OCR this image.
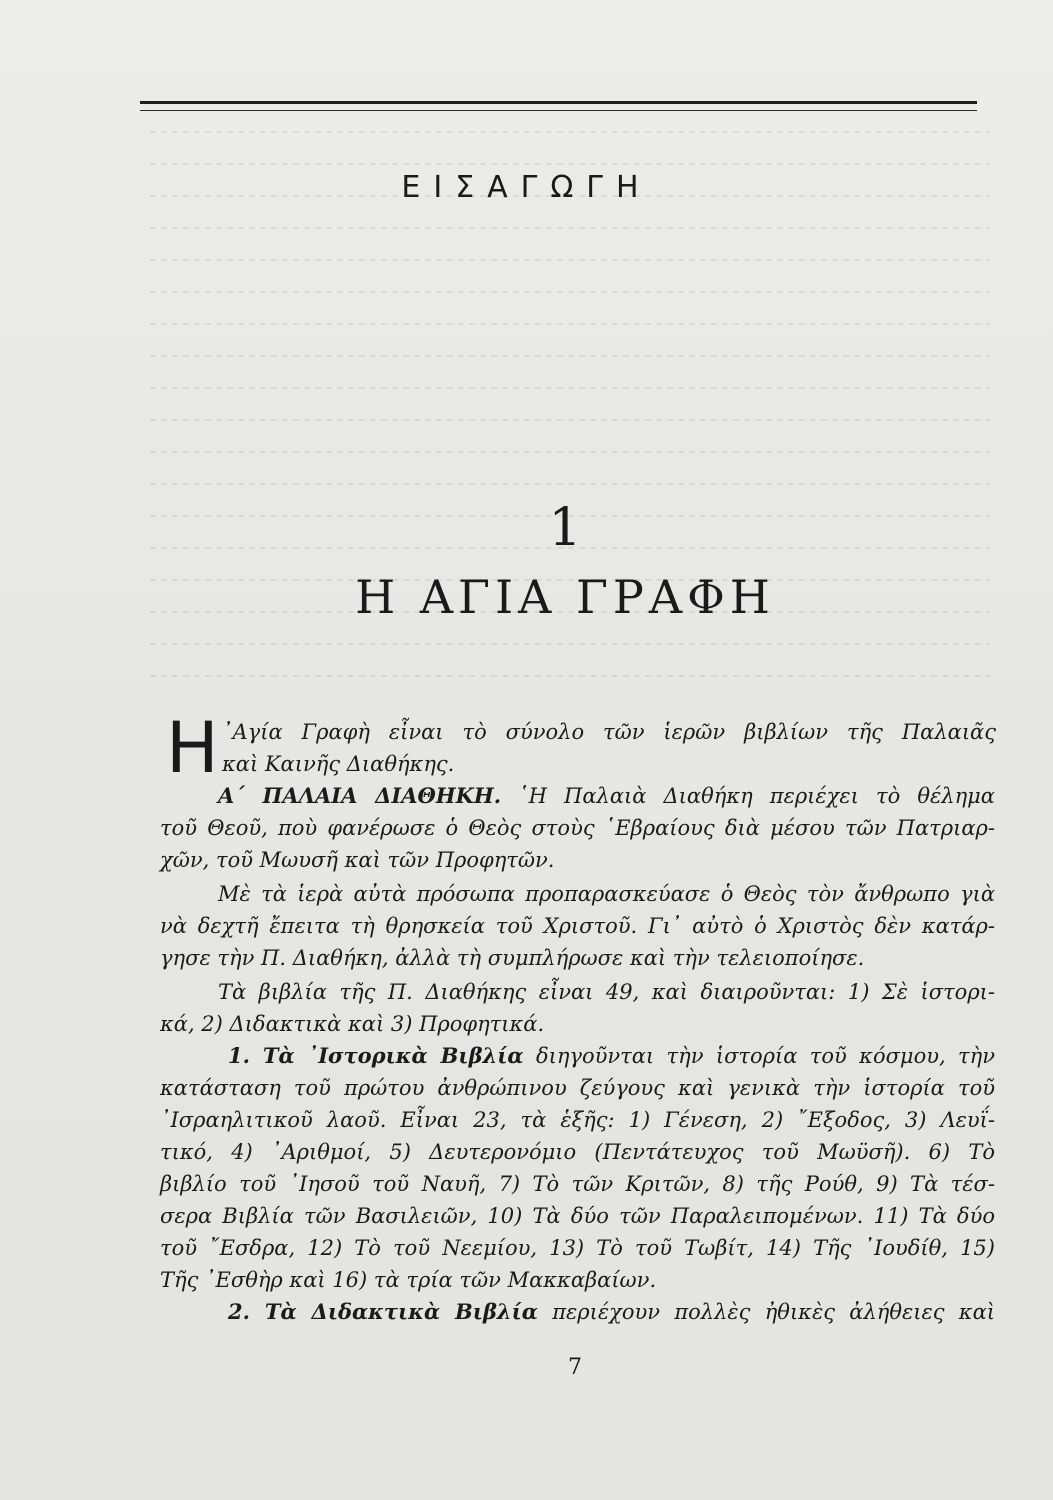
ΕΙΣΑΓΩΓΗ
1
Η ΑΓΙΑ ΓΡΑΦΗ
Η ᾿Αγία Γραφὴ εἶναι τὸ σύνολο τῶν ἱερῶν βιβλίων τῆς Παλαιᾶς
καὶ Καινῆς Διαθήκης.
Α΄ ΠΑΛΑΙΑ ΔΙΑΘΗΚΗ. ῾Η Παλαιὰ Διαθήκη περιέχει τὸ θέλημα
τοῦ Θεοῦ, ποὺ φανέρωσε ὁ Θεὸς στοὺς ῾Εβραίους διὰ μέσου τῶν Πατριαρ-
χῶν, τοῦ Μωυσῆ καὶ τῶν Προφητῶν.
Μὲ τὰ ἱερὰ αὐτὰ πρόσωπα προπαρασκεύασε ὁ Θεὸς τὸν ἄνθρωπο γιὰ
νὰ δεχτῆ ἔπειτα τὴ θρησκεία τοῦ Χριστοῦ. Γι᾿ αὐτὸ ὁ Χριστὸς δὲν κατάρ-
γησε τὴν Π. Διαθήκη, ἀλλὰ τὴ συμπλήρωσε καὶ τὴν τελειοποίησε.
Τὰ βιβλία τῆς Π. Διαθήκης εἶναι 49, καὶ διαιροῦνται: 1) Σὲ ἱστορι-
κά, 2) Διδακτικὰ καὶ 3) Προφητικά.
1. Τὰ ᾿Ιστορικὰ Βιβλία διηγοῦνται τὴν ἱστορία τοῦ κόσμου, τὴν
κατάσταση τοῦ πρώτου ἀνθρώπινου ζεύγους καὶ γενικὰ τὴν ἱστορία τοῦ
᾿Ισραηλιτικοῦ λαοῦ. Εἶναι 23, τὰ ἑξῆς: 1) Γένεση, 2) ῎Εξοδος, 3) Λευΐ-
τικό, 4) ᾿Αριθμοί, 5) Δευτερονόμιο (Πεντάτευχος τοῦ Μωϋσῆ). 6) Τὸ
βιβλίο τοῦ ᾿Ιησοῦ τοῦ Ναυῆ, 7) Τὸ τῶν Κριτῶν, 8) τῆς Ρούθ, 9) Τὰ τέσ-
σερα Βιβλία τῶν Βασιλειῶν, 10) Τὰ δύο τῶν Παραλειπομένων. 11) Τὰ δύο
τοῦ ῎Εσδρα, 12) Τὸ τοῦ Νεεμίου, 13) Τὸ τοῦ Τωβίτ, 14) Τῆς ᾿Ιουδίθ, 15)
Τῆς ᾿Εσθὴρ καὶ 16) τὰ τρία τῶν Μακκαβαίων.
2. Τὰ Διδακτικὰ Βιβλία περιέχουν πολλὲς ἠθικὲς ἀλήθειες καὶ
7
